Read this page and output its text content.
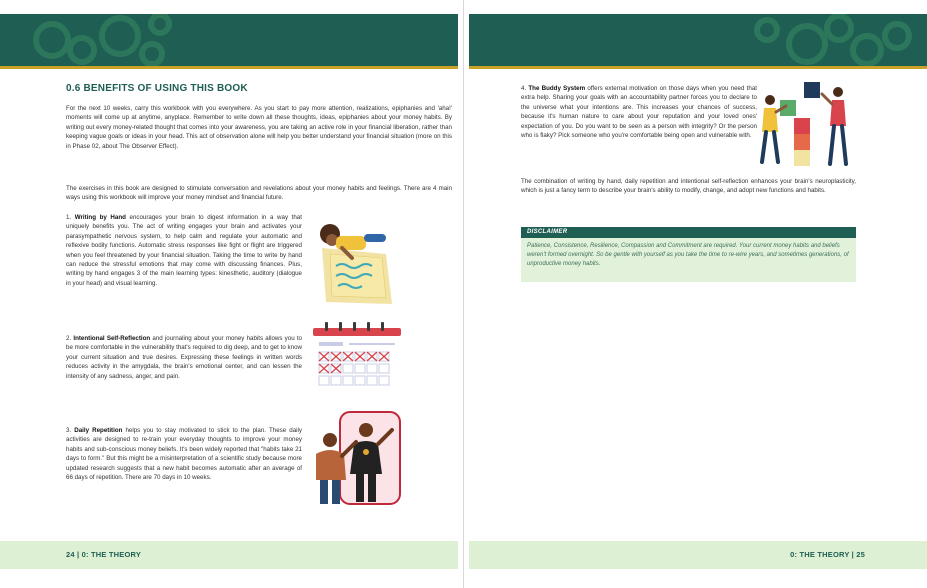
0.6 BENEFITS OF USING THIS BOOK

For the next 10 weeks, carry this workbook with you everywhere. As you start to pay more attention, realizations, epiphanies and 'aha!' moments will come up at anytime, anyplace. Remember to write down all these thoughts, ideas, epiphanies about your money habits. By writing out every money-related thought that comes into your awareness, you are taking an active role in your financial liberation, rather than keeping vague goals or ideas in your head. This act of observation alone will help you better understand your financial situation (more on this in Phase 02, about The Observer Effect).

The exercises in this book are designed to stimulate conversation and revelations about your money habits and feelings. There are 4 main ways using this workbook will improve your money mindset and financial future.

1. Writing by Hand encourages your brain to digest information in a way that uniquely benefits you. The act of writing engages your brain and activates your parasympathetic nervous system, to help calm and regulate your automatic and reflexive bodily functions. Automatic stress responses like fight or flight are triggered when you feel threatened by your financial situation. Taking the time to write by hand can reduce the stressful emotions that may come with discussing finances. Plus, writing by hand engages 3 of the main learning types: kinesthetic, auditory (dialogue in your head) and visual learning.

2. Intentional Self-Reflection and journaling about your money habits allows you to be more comfortable in the vulnerability that's required to dig deep, and to get to know your current situation and true desires. Expressing these feelings in written words reduces activity in the amygdala, the brain's emotional center, and can lessen the intensity of any sadness, anger, and pain.

3. Daily Repetition helps you to stay motivated to stick to the plan. These daily activities are designed to re-train your everyday thoughts to improve your money habits and sub-conscious money beliefs. It's been widely reported that "habits take 21 days to form." But this might be a misinterpretation of a scientific study because more updated research suggests that a new habit becomes automatic after an average of 66 days of repetition. There are 70 days in 10 weeks.

24 | 0: THE THEORY	0: THE THEORY | 25

4. The Buddy System offers external motivation on those days when you need that extra help. Sharing your goals with an accountability partner forces you to declare to the universe what your intentions are. This increases your chances of success, because it's human nature to care about your reputation and your loved ones' expectation of you. Do you want to be seen as a person with integrity? Or the person who is flaky? Pick someone who you're comfortable being open and vulnerable with.

The combination of writing by hand, daily repetition and intentional self-reflection enhances your brain's neuroplasticity, which is just a fancy term to describe your brain's ability to modify, change, and adopt new functions and habits.

DISCLAIMER

Patience, Consistence, Resilience, Compassion and Commitment are required. Your current money habits and beliefs weren't formed overnight. So be gentle with yourself as you take the time to re-wire years, and sometimes generations, of unproductive money habits.
